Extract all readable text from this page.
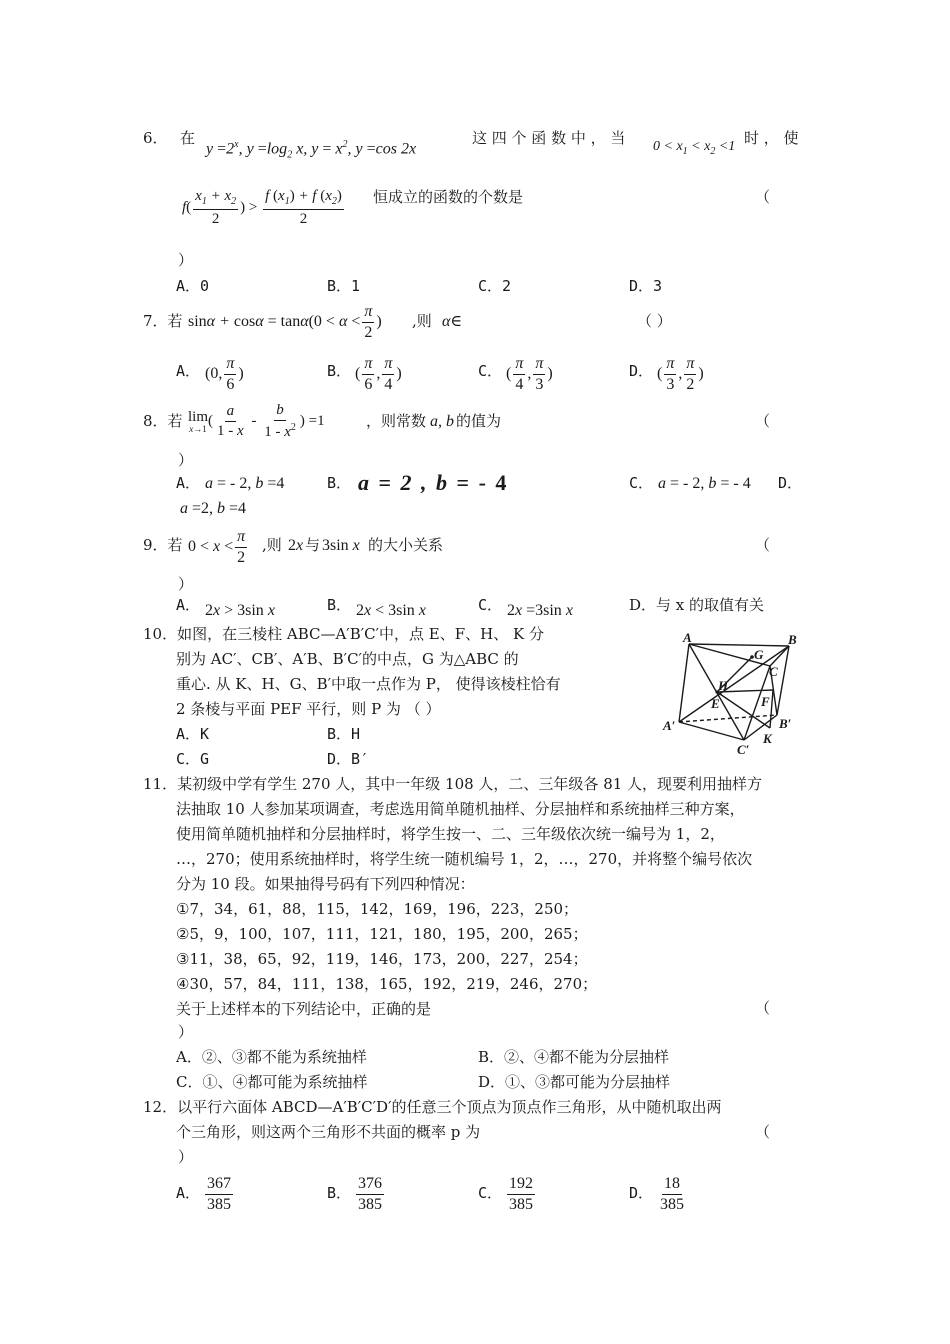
6． 在
$y =2^x$, $y =\log_2$ x, $y = x^2$, y =cos 2x
这 四 个 函 数 中 ， 当 $0 < x_1 < x_2 <1$ 时 ， 使
$f( \frac{x_1 + x_2}{2}$ ) > $\frac{f (x_1) + f (x_2)}{2}$ 恒成立的函数的个数是	（
）
A．0	B．1	C．2	D．3
7．若 $\sin\alpha + \cos\alpha = \tan\alpha(0 < \alpha < \frac{\pi}{2}$ ) ,则 α∈	（ ）
A． (0, $\frac{\pi}{6}$ )	B． ( $\frac{\pi}{6}$ , $\frac{\pi}{4}$ )	C． ( $\frac{\pi}{4}$ , $\frac{\pi}{3}$ )	D． ( $\frac{\pi}{3}$ , $\frac{\pi}{2}$ )
8．若 lim
x→1 ( $\frac{a}{1 - x} - \frac{b}{1 - x^2}$ ) =1	，则常数 a, b 的值为	（
）
A． a = - 2, b =4	B． a = 2 , b = - 4	C． a = - 2, b = - 4 D．
a =2, b =4
9．若 $0 < x < \frac{\pi}{2}$ ,则 2x 与 3sin x 的大小关系	（
）
A． 2x > 3sin x	B． 2x < 3sin x	C． 2x =3sin x	D．与 x 的取值有关
10．如图，在三棱柱 ABC—A′B′C′中，点 E、F、H、 K 分
别为 AC′、CB′、A′B、B′C′的中点，G 为△ABC 的
重心. 从 K、H、G、B′中取一点作为 P， 使得该棱柱恰有
2 条棱与平面 PEF 平行，则 P 为 （ ）
A．K	B．H
C．G	D．B′
A	B
G
C
H
E	F
B′
A′
C′
K
11．某初级中学有学生 270 人，其中一年级 108 人，二、三年级各 81 人，现要利用抽样方
法抽取 10 人参加某项调查，考虑选用简单随机抽样、分层抽样和系统抽样三种方案，
使用简单随机抽样和分层抽样时，将学生按一、二、三年级依次统一编号为 1，2，
…，270；使用系统抽样时，将学生统一随机编号 1，2，…，270，并将整个编号依次
分为 10 段。如果抽得号码有下列四种情况：
①7，34，61，88，115，142，169，196，223，250；
②5，9，100，107，111，121，180，195，200，265；
③11，38，65，92，119，146，173，200，227，254；
④30，57，84，111，138，165，192，219，246，270；
关于上述样本的下列结论中，正确的是	（
）
A．②、③都不能为系统抽样	B．②、④都不能为分层抽样
C．①、④都可能为系统抽样	D．①、③都可能为分层抽样
12．以平行六面体 ABCD—A′B′C′D′的任意三个顶点为顶点作三角形，从中随机取出两
个三角形，则这两个三角形不共面的概率 p 为	（
）
A． $\frac{367}{385}$	B． $\frac{376}{385}$	C． $\frac{192}{385}$	D． $\frac{18}{385}$
